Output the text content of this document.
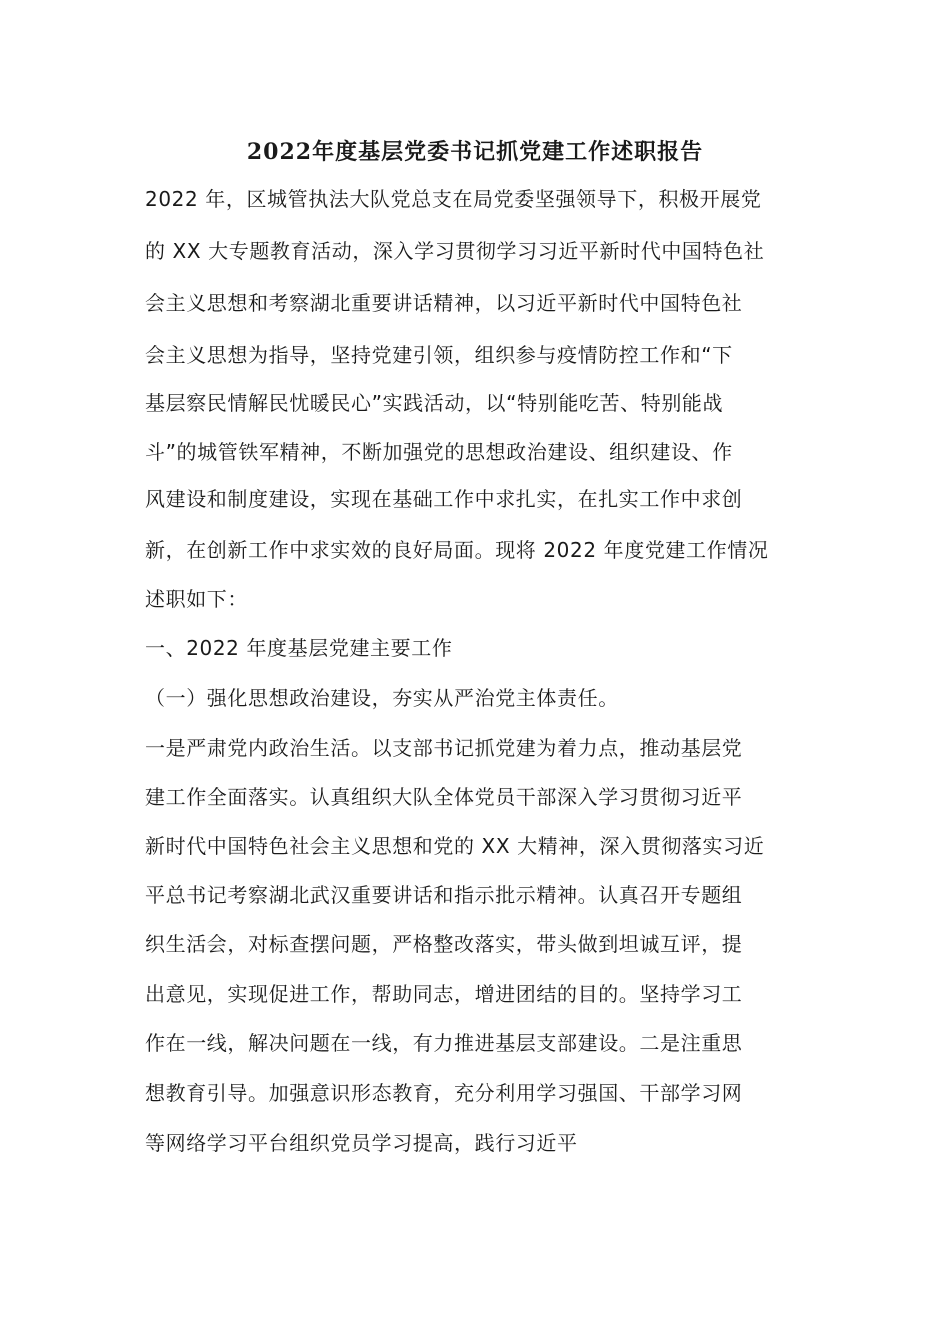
2022年度基层党委书记抓党建工作述职报告
2022 年，区城管执法大队党总支在局党委坚强领导下，积极开展党
的 XX 大专题教育活动，深入学习贯彻学习习近平新时代中国特色社
会主义思想和考察湖北重要讲话精神，以习近平新时代中国特色社
会主义思想为指导，坚持党建引领，组织参与疫情防控工作和“下
基层察民情解民忧暖民心”实践活动，以“特别能吃苦、特别能战
斗”的城管铁军精神，不断加强党的思想政治建设、组织建设、作
风建设和制度建设，实现在基础工作中求扎实，在扎实工作中求创
新，在创新工作中求实效的良好局面。现将 2022 年度党建工作情况
述职如下：
一、2022 年度基层党建主要工作
（一）强化思想政治建设，夯实从严治党主体责任。
一是严肃党内政治生活。以支部书记抓党建为着力点，推动基层党
建工作全面落实。认真组织大队全体党员干部深入学习贯彻习近平
新时代中国特色社会主义思想和党的 XX 大精神，深入贯彻落实习近
平总书记考察湖北武汉重要讲话和指示批示精神。认真召开专题组
织生活会，对标查摆问题，严格整改落实，带头做到坦诚互评，提
出意见，实现促进工作，帮助同志，增进团结的目的。坚持学习工
作在一线，解决问题在一线，有力推进基层支部建设。二是注重思
想教育引导。加强意识形态教育，充分利用学习强国、干部学习网
等网络学习平台组织党员学习提高，践行习近平
